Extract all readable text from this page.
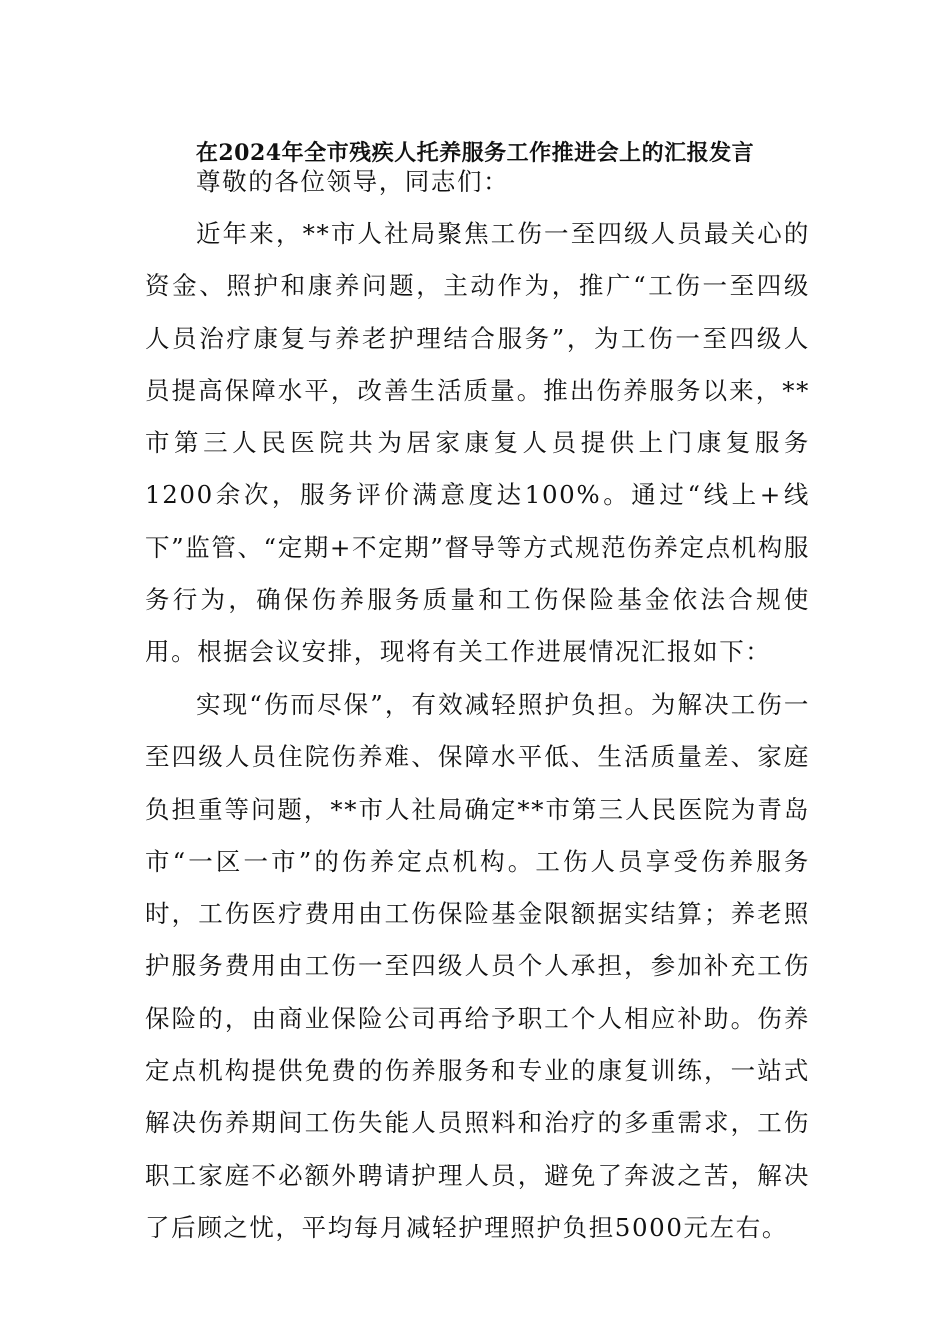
在2024年全市残疾人托养服务工作推进会上的汇报发言

尊敬的各位领导，同志们：

近年来，**市人社局聚焦工伤一至四级人员最关心的资金、照护和康养问题，主动作为，推广“工伤一至四级人员治疗康复与养老护理结合服务”，为工伤一至四级人员提高保障水平，改善生活质量。推出伤养服务以来，**市第三人民医院共为居家康复人员提供上门康复服务1200余次，服务评价满意度达100%。通过“线上+线下”监管、“定期+不定期”督导等方式规范伤养定点机构服务行为，确保伤养服务质量和工伤保险基金依法合规使用。根据会议安排，现将有关工作进展情况汇报如下：

实现“伤而尽保”，有效减轻照护负担。为解决工伤一至四级人员住院伤养难、保障水平低、生活质量差、家庭负担重等问题，**市人社局确定**市第三人民医院为青岛市“一区一市”的伤养定点机构。工伤人员享受伤养服务时，工伤医疗费用由工伤保险基金限额据实结算；养老照护服务费用由工伤一至四级人员个人承担，参加补充工伤保险的，由商业保险公司再给予职工个人相应补助。伤养定点机构提供免费的伤养服务和专业的康复训练，一站式解决伤养期间工伤失能人员照料和治疗的多重需求，工伤职工家庭不必额外聘请护理人员，避免了奔波之苦，解决了后顾之忧，平均每月减轻护理照护负担5000元左右。
